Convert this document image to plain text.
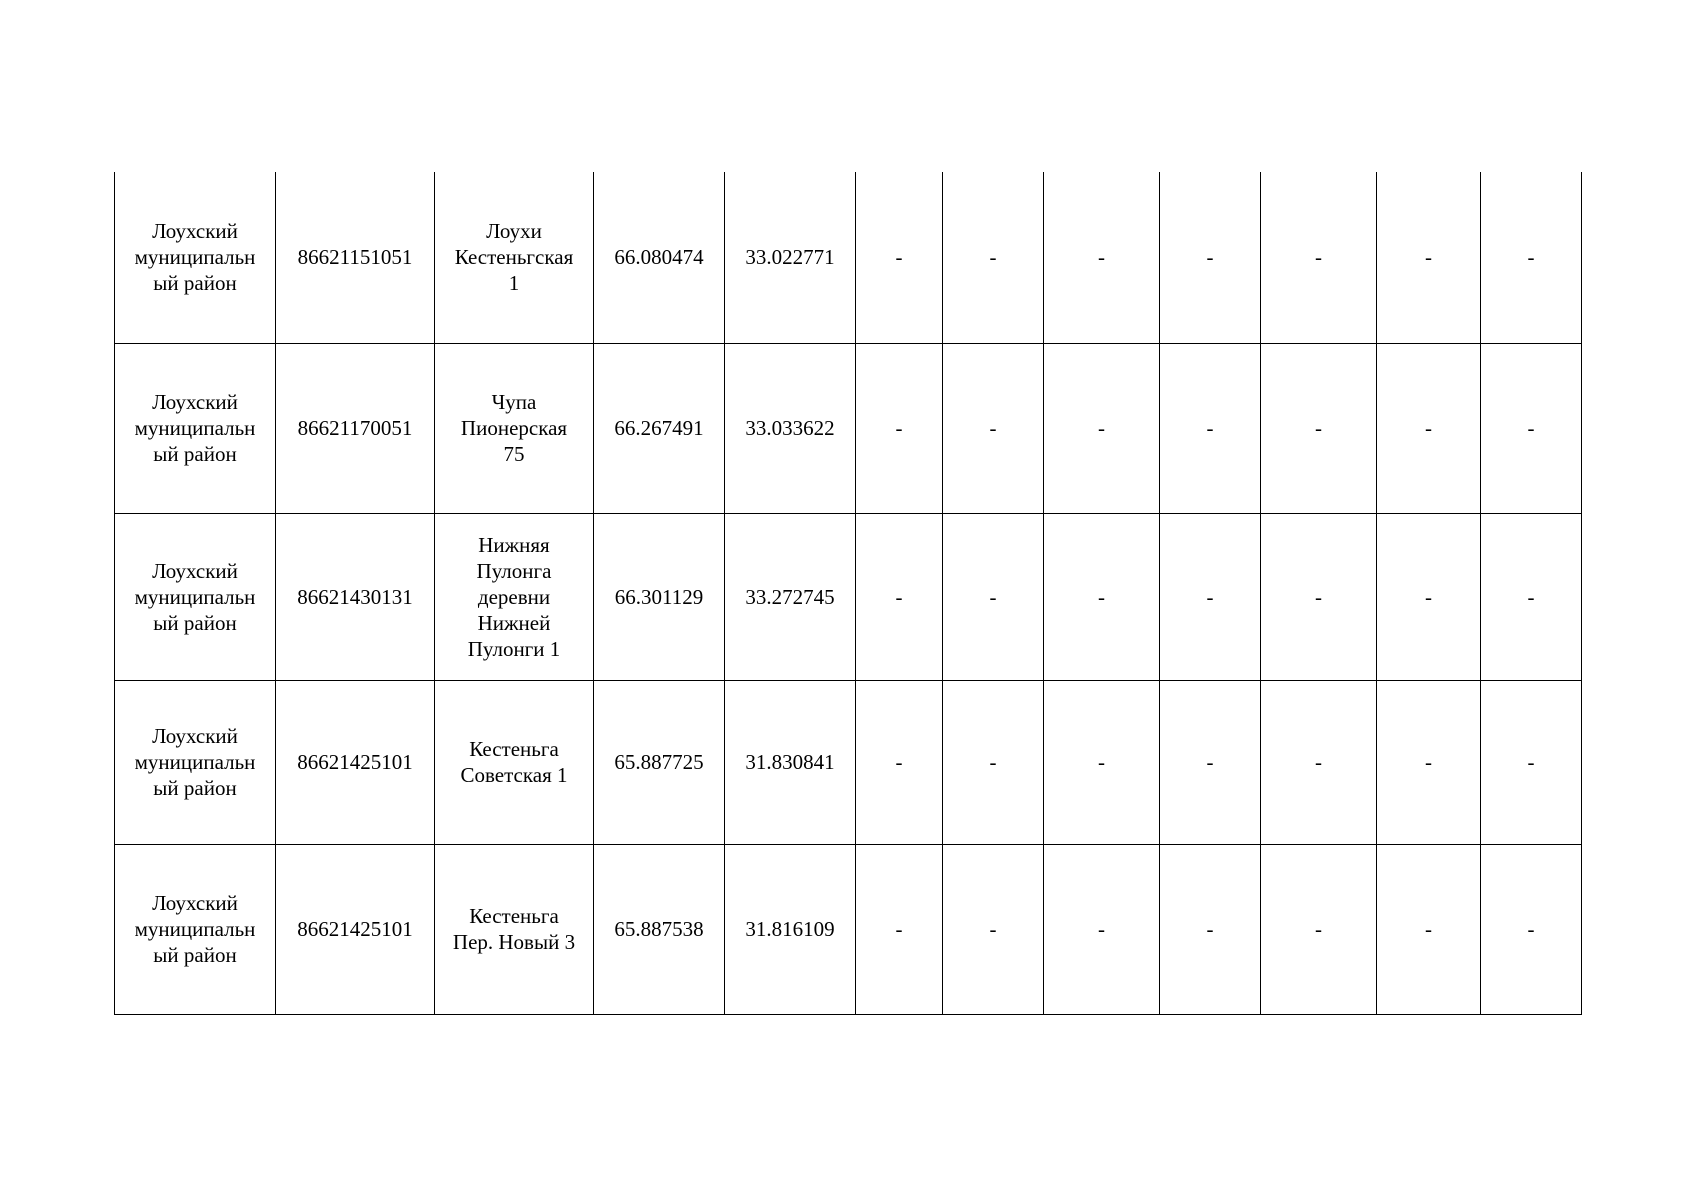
Лоухский
муниципальн
ый район	86621151051	Лоухи
Кестеньгская
1	66.080474	33.022771	-	-	-	-	-	-	-

Лоухский
муниципальн
ый район	86621170051	Чупа
Пионерская
75	66.267491	33.033622	-	-	-	-	-	-	-

Лоухский
муниципальн
ый район	86621430131	Нижняя
Пулонга
деревни
Нижней
Пулонги 1	66.301129	33.272745	-	-	-	-	-	-	-

Лоухский
муниципальн
ый район	86621425101	Кестеньга
Советская 1	65.887725	31.830841	-	-	-	-	-	-	-

Лоухский
муниципальн
ый район	86621425101	Кестеньга
Пер. Новый 3	65.887538	31.816109	-	-	-	-	-	-	-
